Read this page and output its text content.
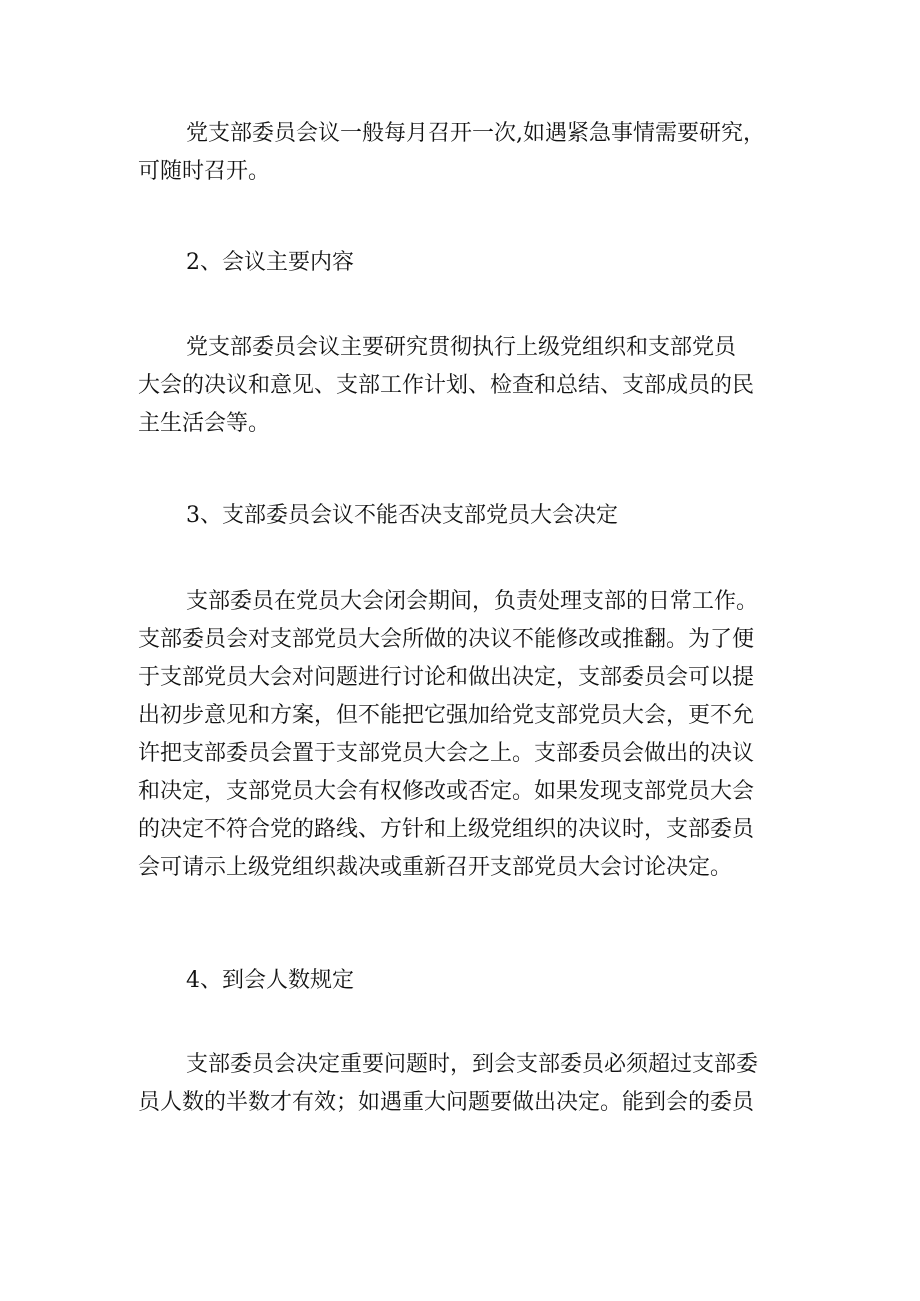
党支部委员会议一般每月召开一次,如遇紧急事情需要研究，
可随时召开。
2、会议主要内容
党支部委员会议主要研究贯彻执行上级党组织和支部党员
大会的决议和意见、支部工作计划、检查和总结、支部成员的民
主生活会等。
3、支部委员会议不能否决支部党员大会决定
支部委员在党员大会闭会期间，负责处理支部的日常工作。
支部委员会对支部党员大会所做的决议不能修改或推翻。为了便
于支部党员大会对问题进行讨论和做出决定，支部委员会可以提
出初步意见和方案，但不能把它强加给党支部党员大会，更不允
许把支部委员会置于支部党员大会之上。支部委员会做出的决议
和决定，支部党员大会有权修改或否定。如果发现支部党员大会
的决定不符合党的路线、方针和上级党组织的决议时，支部委员
会可请示上级党组织裁决或重新召开支部党员大会讨论决定。
4、到会人数规定
支部委员会决定重要问题时，到会支部委员必须超过支部委
员人数的半数才有效；如遇重大问题要做出决定。能到会的委员
